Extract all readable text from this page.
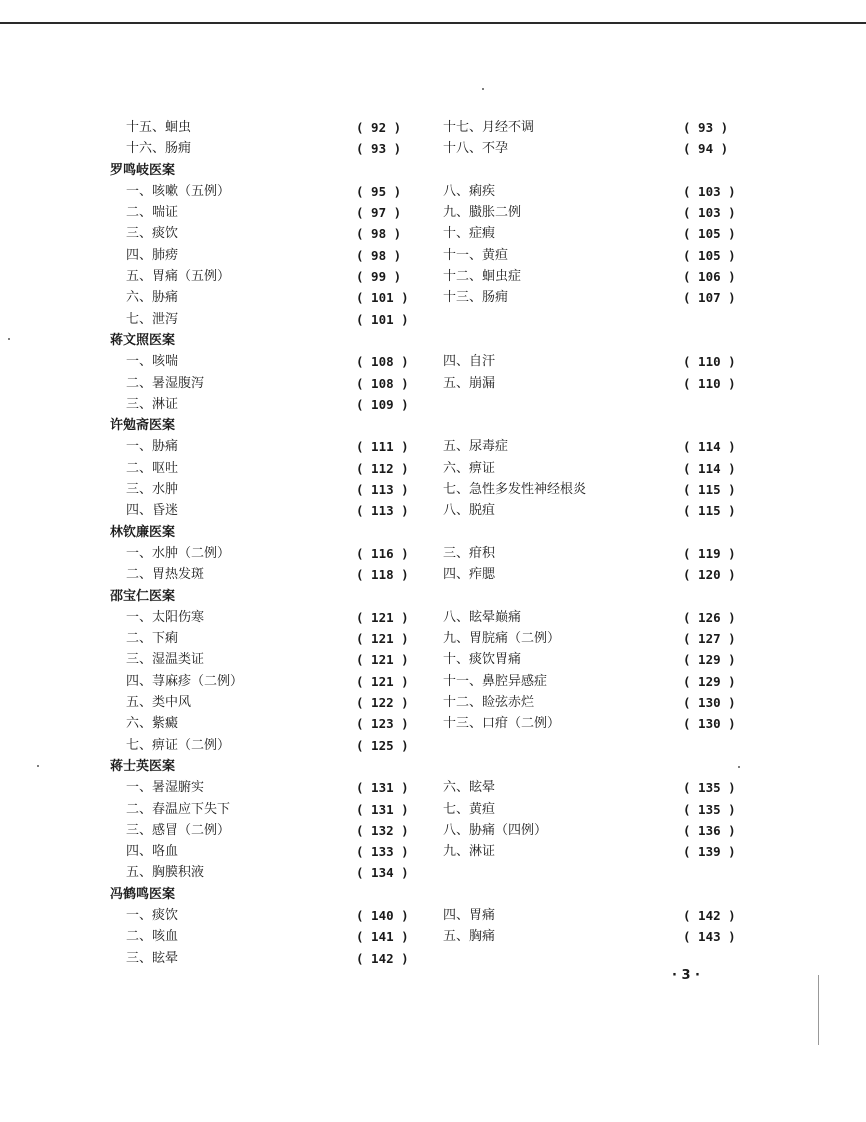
十五、蛔虫	( 92 )	十七、月经不调	( 93 )
十六、肠痈	( 93 )	十八、不孕	( 94 )
罗鸣岐医案
一、咳嗽（五例）	( 95 )	八、痢疾	( 103 )
二、喘证	( 97 )	九、臌胀二例	( 103 )
三、痰饮	( 98 )	十、症瘕	( 105 )
四、肺痨	( 98 )	十一、黄疸	( 105 )
五、胃痛（五例）	( 99 )	十二、蛔虫症	( 106 )
六、胁痛	( 101 )	十三、肠痈	( 107 )
七、泄泻	( 101 )
蒋文照医案
一、咳喘	( 108 )	四、自汗	( 110 )
二、暑湿腹泻	( 108 )	五、崩漏	( 110 )
三、淋证	( 109 )
许勉斋医案
一、胁痛	( 111 )	五、尿毒症	( 114 )
二、呕吐	( 112 )	六、痹证	( 114 )
三、水肿	( 113 )	七、急性多发性神经根炎	( 115 )
四、昏迷	( 113 )	八、脱疽	( 115 )
林钦廉医案
一、水肿（二例）	( 116 )	三、疳积	( 119 )
二、胃热发斑	( 118 )	四、痄腮	( 120 )
邵宝仁医案
一、太阳伤寒	( 121 )	八、眩晕巅痛	( 126 )
二、下痢	( 121 )	九、胃脘痛（二例）	( 127 )
三、湿温类证	( 121 )	十、痰饮胃痛	( 129 )
四、荨麻疹（二例）	( 121 )	十一、鼻腔异感症	( 129 )
五、类中风	( 122 )	十二、睑弦赤烂	( 130 )
六、紫癜	( 123 )	十三、口疳（二例）	( 130 )
七、痹证（二例）	( 125 )
蒋士英医案
一、暑湿腑实	( 131 )	六、眩晕	( 135 )
二、春温应下失下	( 131 )	七、黄疸	( 135 )
三、感冒（二例）	( 132 )	八、胁痛（四例）	( 136 )
四、咯血	( 133 )	九、淋证	( 139 )
五、胸膜积液	( 134 )
冯鹤鸣医案
一、痰饮	( 140 )	四、胃痛	( 142 )
二、咳血	( 141 )	五、胸痛	( 143 )
三、眩晕	( 142 )
· 3 ·
